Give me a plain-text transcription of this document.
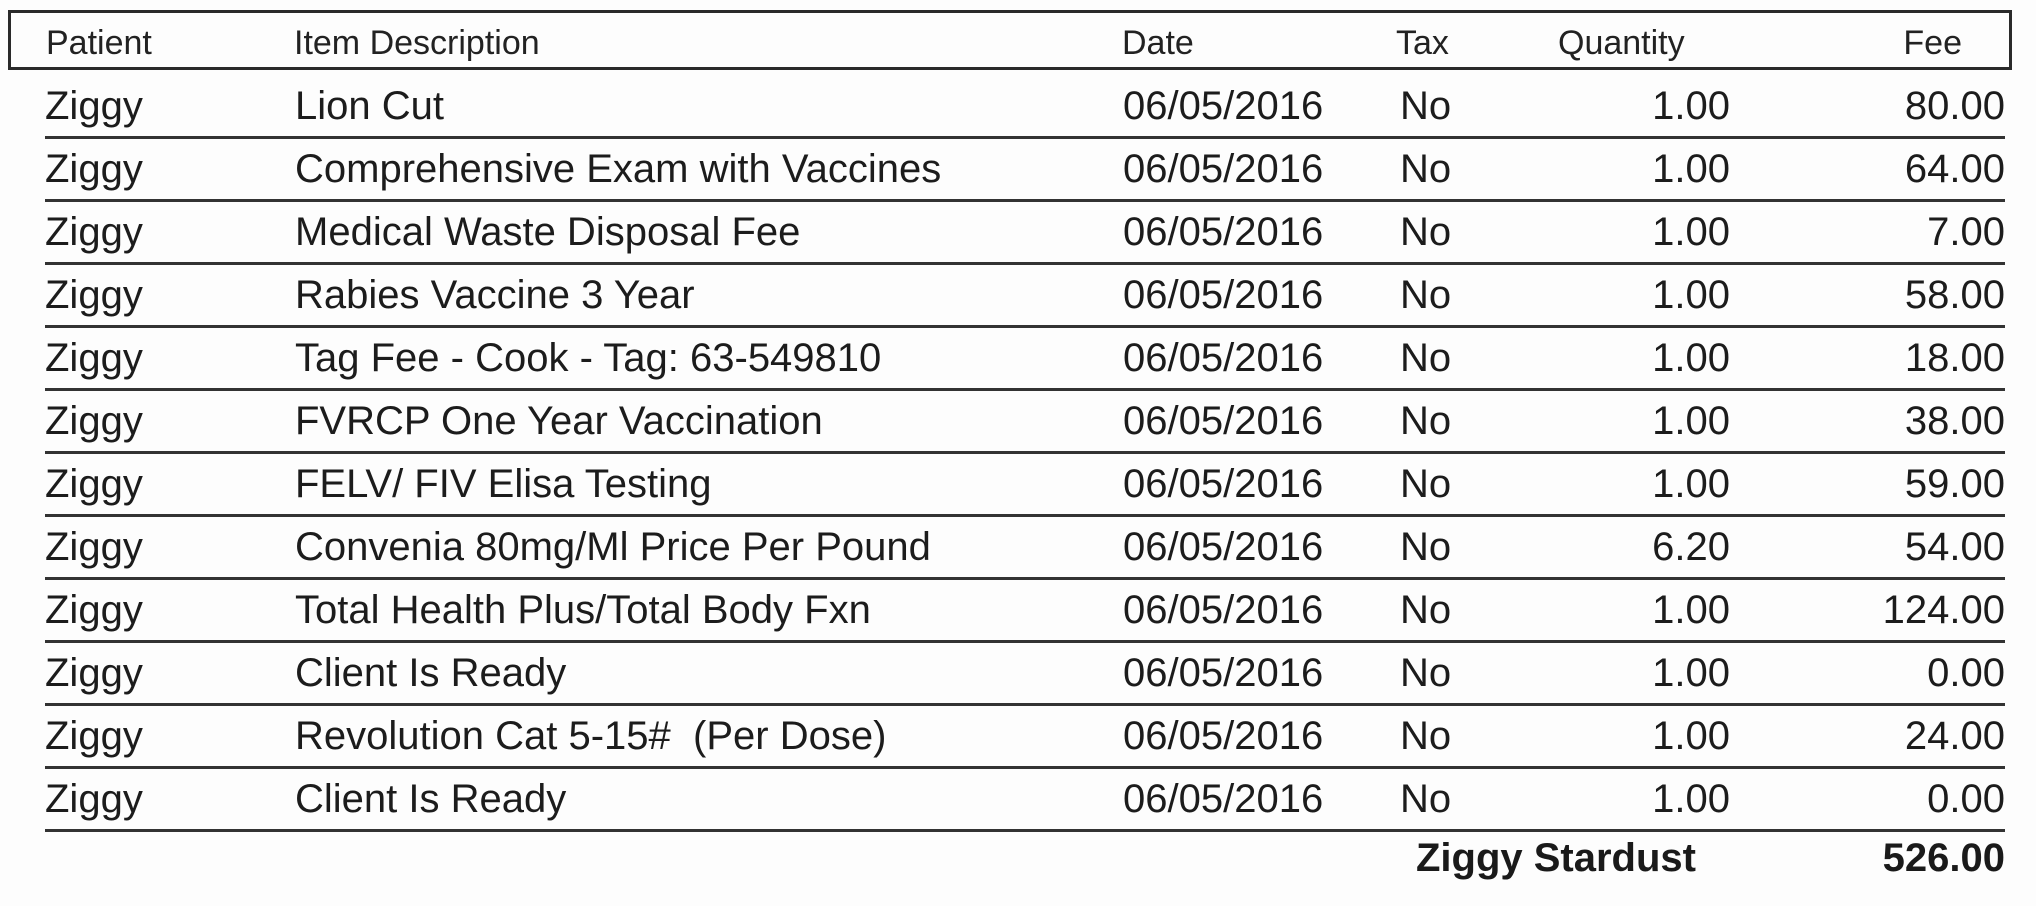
Patient	Item Description	Date	Tax	Quantity	Fee
Ziggy	Lion Cut	06/05/2016 No	1.00	80.00
Ziggy	Comprehensive Exam with Vaccines	06/05/2016 No	1.00	64.00
Ziggy	Medical Waste Disposal Fee	06/05/2016 No	1.00	7.00
Ziggy	Rabies Vaccine 3 Year	06/05/2016 No	1.00	58.00
Ziggy	Tag Fee - Cook - Tag: 63-549810	06/05/2016 No	1.00	18.00
Ziggy	FVRCP One Year Vaccination	06/05/2016 No	1.00	38.00
Ziggy	FELV/ FIV Elisa Testing	06/05/2016 No	1.00	59.00
Ziggy	Convenia 80mg/Ml Price Per Pound	06/05/2016 No	6.20	54.00
Ziggy	Total Health Plus/Total Body Fxn	06/05/2016 No	1.00	124.00
Ziggy	Client Is Ready	06/05/2016 No	1.00	0.00
Ziggy	Revolution Cat 5-15#  (Per Dose)	06/05/2016 No	1.00	24.00
Ziggy	Client Is Ready	06/05/2016 No	1.00	0.00
Ziggy Stardust	526.00
